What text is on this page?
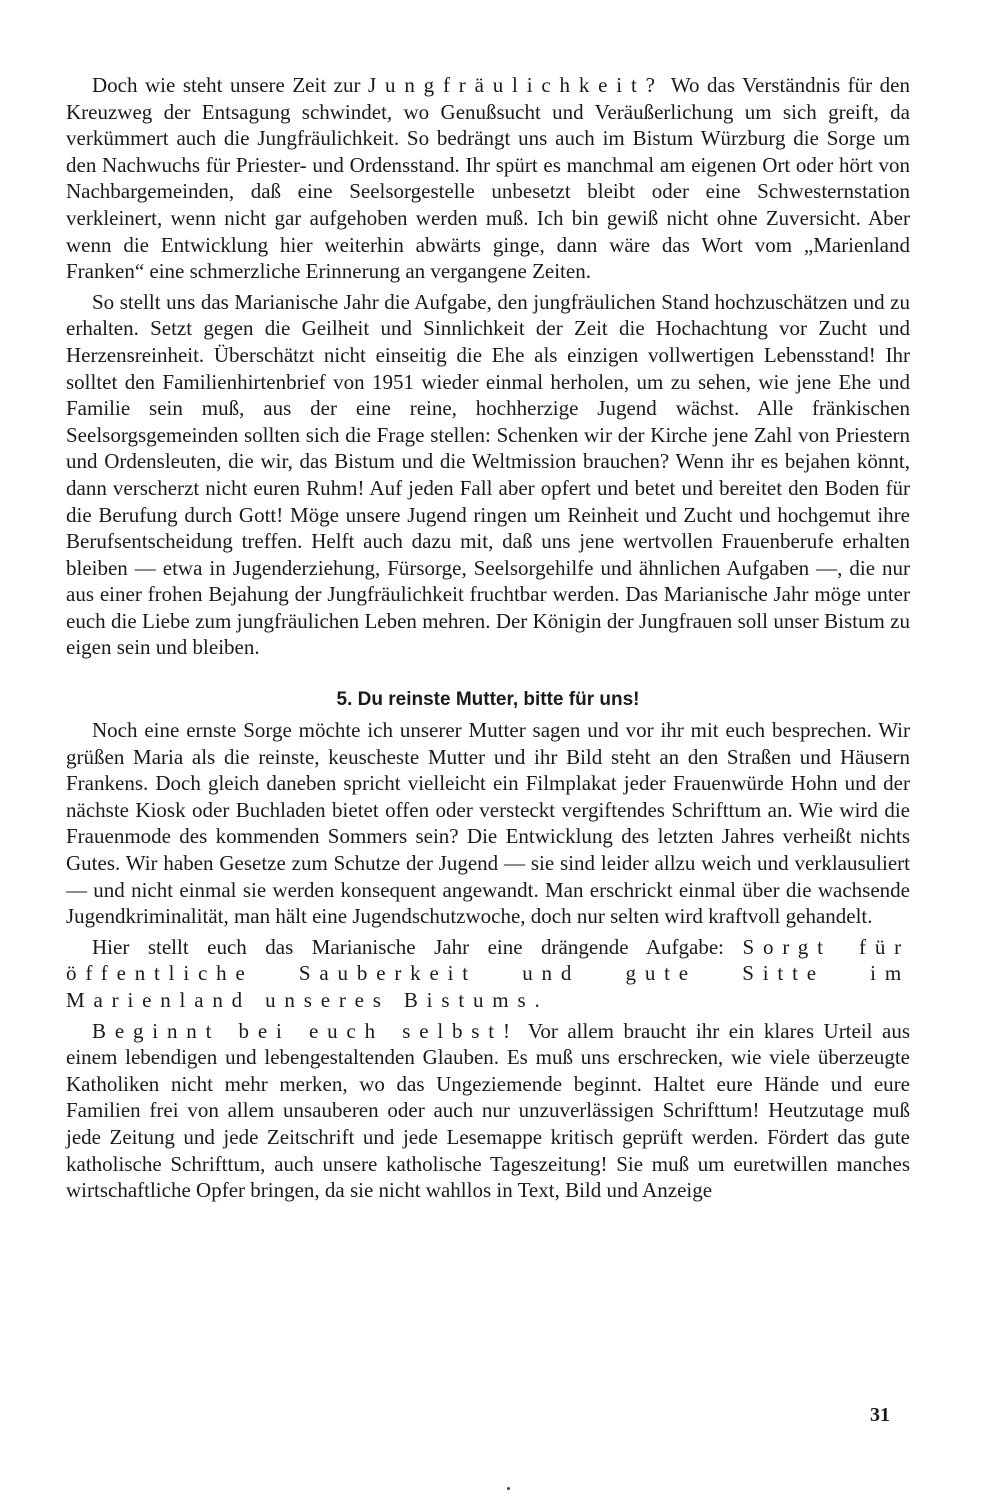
Doch wie steht unsere Zeit zur Jungfräulichkeit? Wo das Verständnis für den Kreuzweg der Entsagung schwindet, wo Genußsucht und Veräußerlichung um sich greift, da verkümmert auch die Jungfräulichkeit. So bedrängt uns auch im Bistum Würzburg die Sorge um den Nachwuchs für Priester- und Ordensstand. Ihr spürt es manchmal am eigenen Ort oder hört von Nachbargemeinden, daß eine Seelsorgestelle unbesetzt bleibt oder eine Schwesternstation verkleinert, wenn nicht gar aufgehoben werden muß. Ich bin gewiß nicht ohne Zuversicht. Aber wenn die Entwicklung hier weiterhin abwärts ginge, dann wäre das Wort vom „Marienland Franken“ eine schmerzliche Erinnerung an vergangene Zeiten.

So stellt uns das Marianische Jahr die Aufgabe, den jungfräulichen Stand hochzuschätzen und zu erhalten. Setzt gegen die Geilheit und Sinnlichkeit der Zeit die Hochachtung vor Zucht und Herzensreinheit. Überschätzt nicht einseitig die Ehe als einzigen vollwertigen Lebensstand! Ihr solltet den Familienhirtenbrief von 1951 wieder einmal herholen, um zu sehen, wie jene Ehe und Familie sein muß, aus der eine reine, hochherzige Jugend wächst. Alle fränkischen Seelsorgsgemeinden sollten sich die Frage stellen: Schenken wir der Kirche jene Zahl von Priestern und Ordensleuten, die wir, das Bistum und die Weltmission brauchen? Wenn ihr es bejahen könnt, dann verscherzt nicht euren Ruhm! Auf jeden Fall aber opfert und betet und bereitet den Boden für die Berufung durch Gott! Möge unsere Jugend ringen um Reinheit und Zucht und hochgemut ihre Berufsentscheidung treffen. Helft auch dazu mit, daß uns jene wertvollen Frauenberufe erhalten bleiben — etwa in Jugenderziehung, Fürsorge, Seelsorgehilfe und ähnlichen Aufgaben —, die nur aus einer frohen Bejahung der Jungfräulichkeit fruchtbar werden. Das Marianische Jahr möge unter euch die Liebe zum jungfräulichen Leben mehren. Der Königin der Jungfrauen soll unser Bistum zu eigen sein und bleiben.

5. Du reinste Mutter, bitte für uns!

Noch eine ernste Sorge möchte ich unserer Mutter sagen und vor ihr mit euch besprechen. Wir grüßen Maria als die reinste, keuscheste Mutter und ihr Bild steht an den Straßen und Häusern Frankens. Doch gleich daneben spricht vielleicht ein Filmplakat jeder Frauenwürde Hohn und der nächste Kiosk oder Buchladen bietet offen oder versteckt vergiftendes Schrifttum an. Wie wird die Frauenmode des kommenden Sommers sein? Die Entwicklung des letzten Jahres verheißt nichts Gutes. Wir haben Gesetze zum Schutze der Jugend — sie sind leider allzu weich und verklausuliert — und nicht einmal sie werden konsequent angewandt. Man erschrickt einmal über die wachsende Jugendkriminalität, man hält eine Jugendschutzwoche, doch nur selten wird kraftvoll gehandelt.

Hier stellt euch das Marianische Jahr eine drängende Aufgabe: Sorgt für öffentliche Sauberkeit und gute Sitte im Marienland unseres Bistums.

Beginnt bei euch selbst! Vor allem braucht ihr ein klares Urteil aus einem lebendigen und lebengestaltenden Glauben. Es muß uns erschrecken, wie viele überzeugte Katholiken nicht mehr merken, wo das Ungeziemende beginnt. Haltet eure Hände und eure Familien frei von allem unsauberen oder auch nur unzuverlässigen Schrifttum! Heutzutage muß jede Zeitung und jede Zeitschrift und jede Lesemappe kritisch geprüft werden. Fördert das gute katholische Schrifttum, auch unsere katholische Tageszeitung! Sie muß um euretwillen manches wirtschaftliche Opfer bringen, da sie nicht wahllos in Text, Bild und Anzeige

31
